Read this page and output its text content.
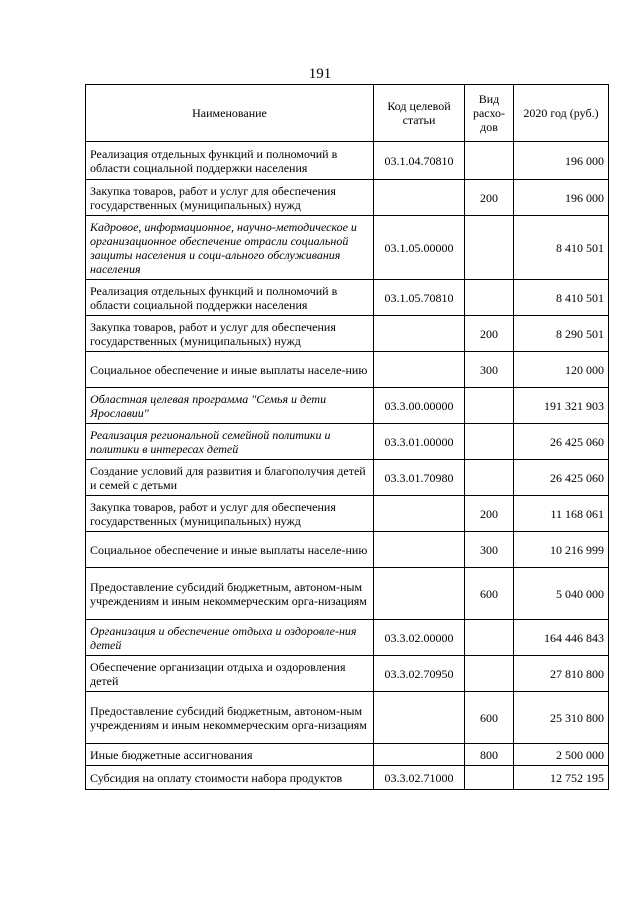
191
Наименование	Код целевой статьи	Вид расхо-дов	2020 год (руб.)
Реализация отдельных функций и полномочий в области социальной поддержки населения	03.1.04.70810		196 000
Закупка товаров, работ и услуг для обеспечения государственных (муниципальных) нужд		200	196 000
Кадровое, информационное, научно-методическое и организационное обеспечение отрасли социальной защиты населения и соци-ального обслуживания населения	03.1.05.00000		8 410 501
Реализация отдельных функций и полномочий в области социальной поддержки населения	03.1.05.70810		8 410 501
Закупка товаров, работ и услуг для обеспечения государственных (муниципальных) нужд		200	8 290 501
Социальное обеспечение и иные выплаты населе-нию		300	120 000
Областная целевая программа "Семья и дети Ярославии"	03.3.00.00000		191 321 903
Реализация региональной семейной политики и политики в интересах детей	03.3.01.00000		26 425 060
Создание условий для развития и благополучия детей и семей с детьми	03.3.01.70980		26 425 060
Закупка товаров, работ и услуг для обеспечения государственных (муниципальных) нужд		200	11 168 061
Социальное обеспечение и иные выплаты населе-нию		300	10 216 999
Предоставление субсидий бюджетным, автоном-ным учреждениям и иным некоммерческим орга-низациям		600	5 040 000
Организация и обеспечение отдыха и оздоровле-ния детей	03.3.02.00000		164 446 843
Обеспечение организации отдыха и оздоровления детей	03.3.02.70950		27 810 800
Предоставление субсидий бюджетным, автоном-ным учреждениям и иным некоммерческим орга-низациям		600	25 310 800
Иные бюджетные ассигнования		800	2 500 000
Субсидия на оплату стоимости набора продуктов	03.3.02.71000		12 752 195
